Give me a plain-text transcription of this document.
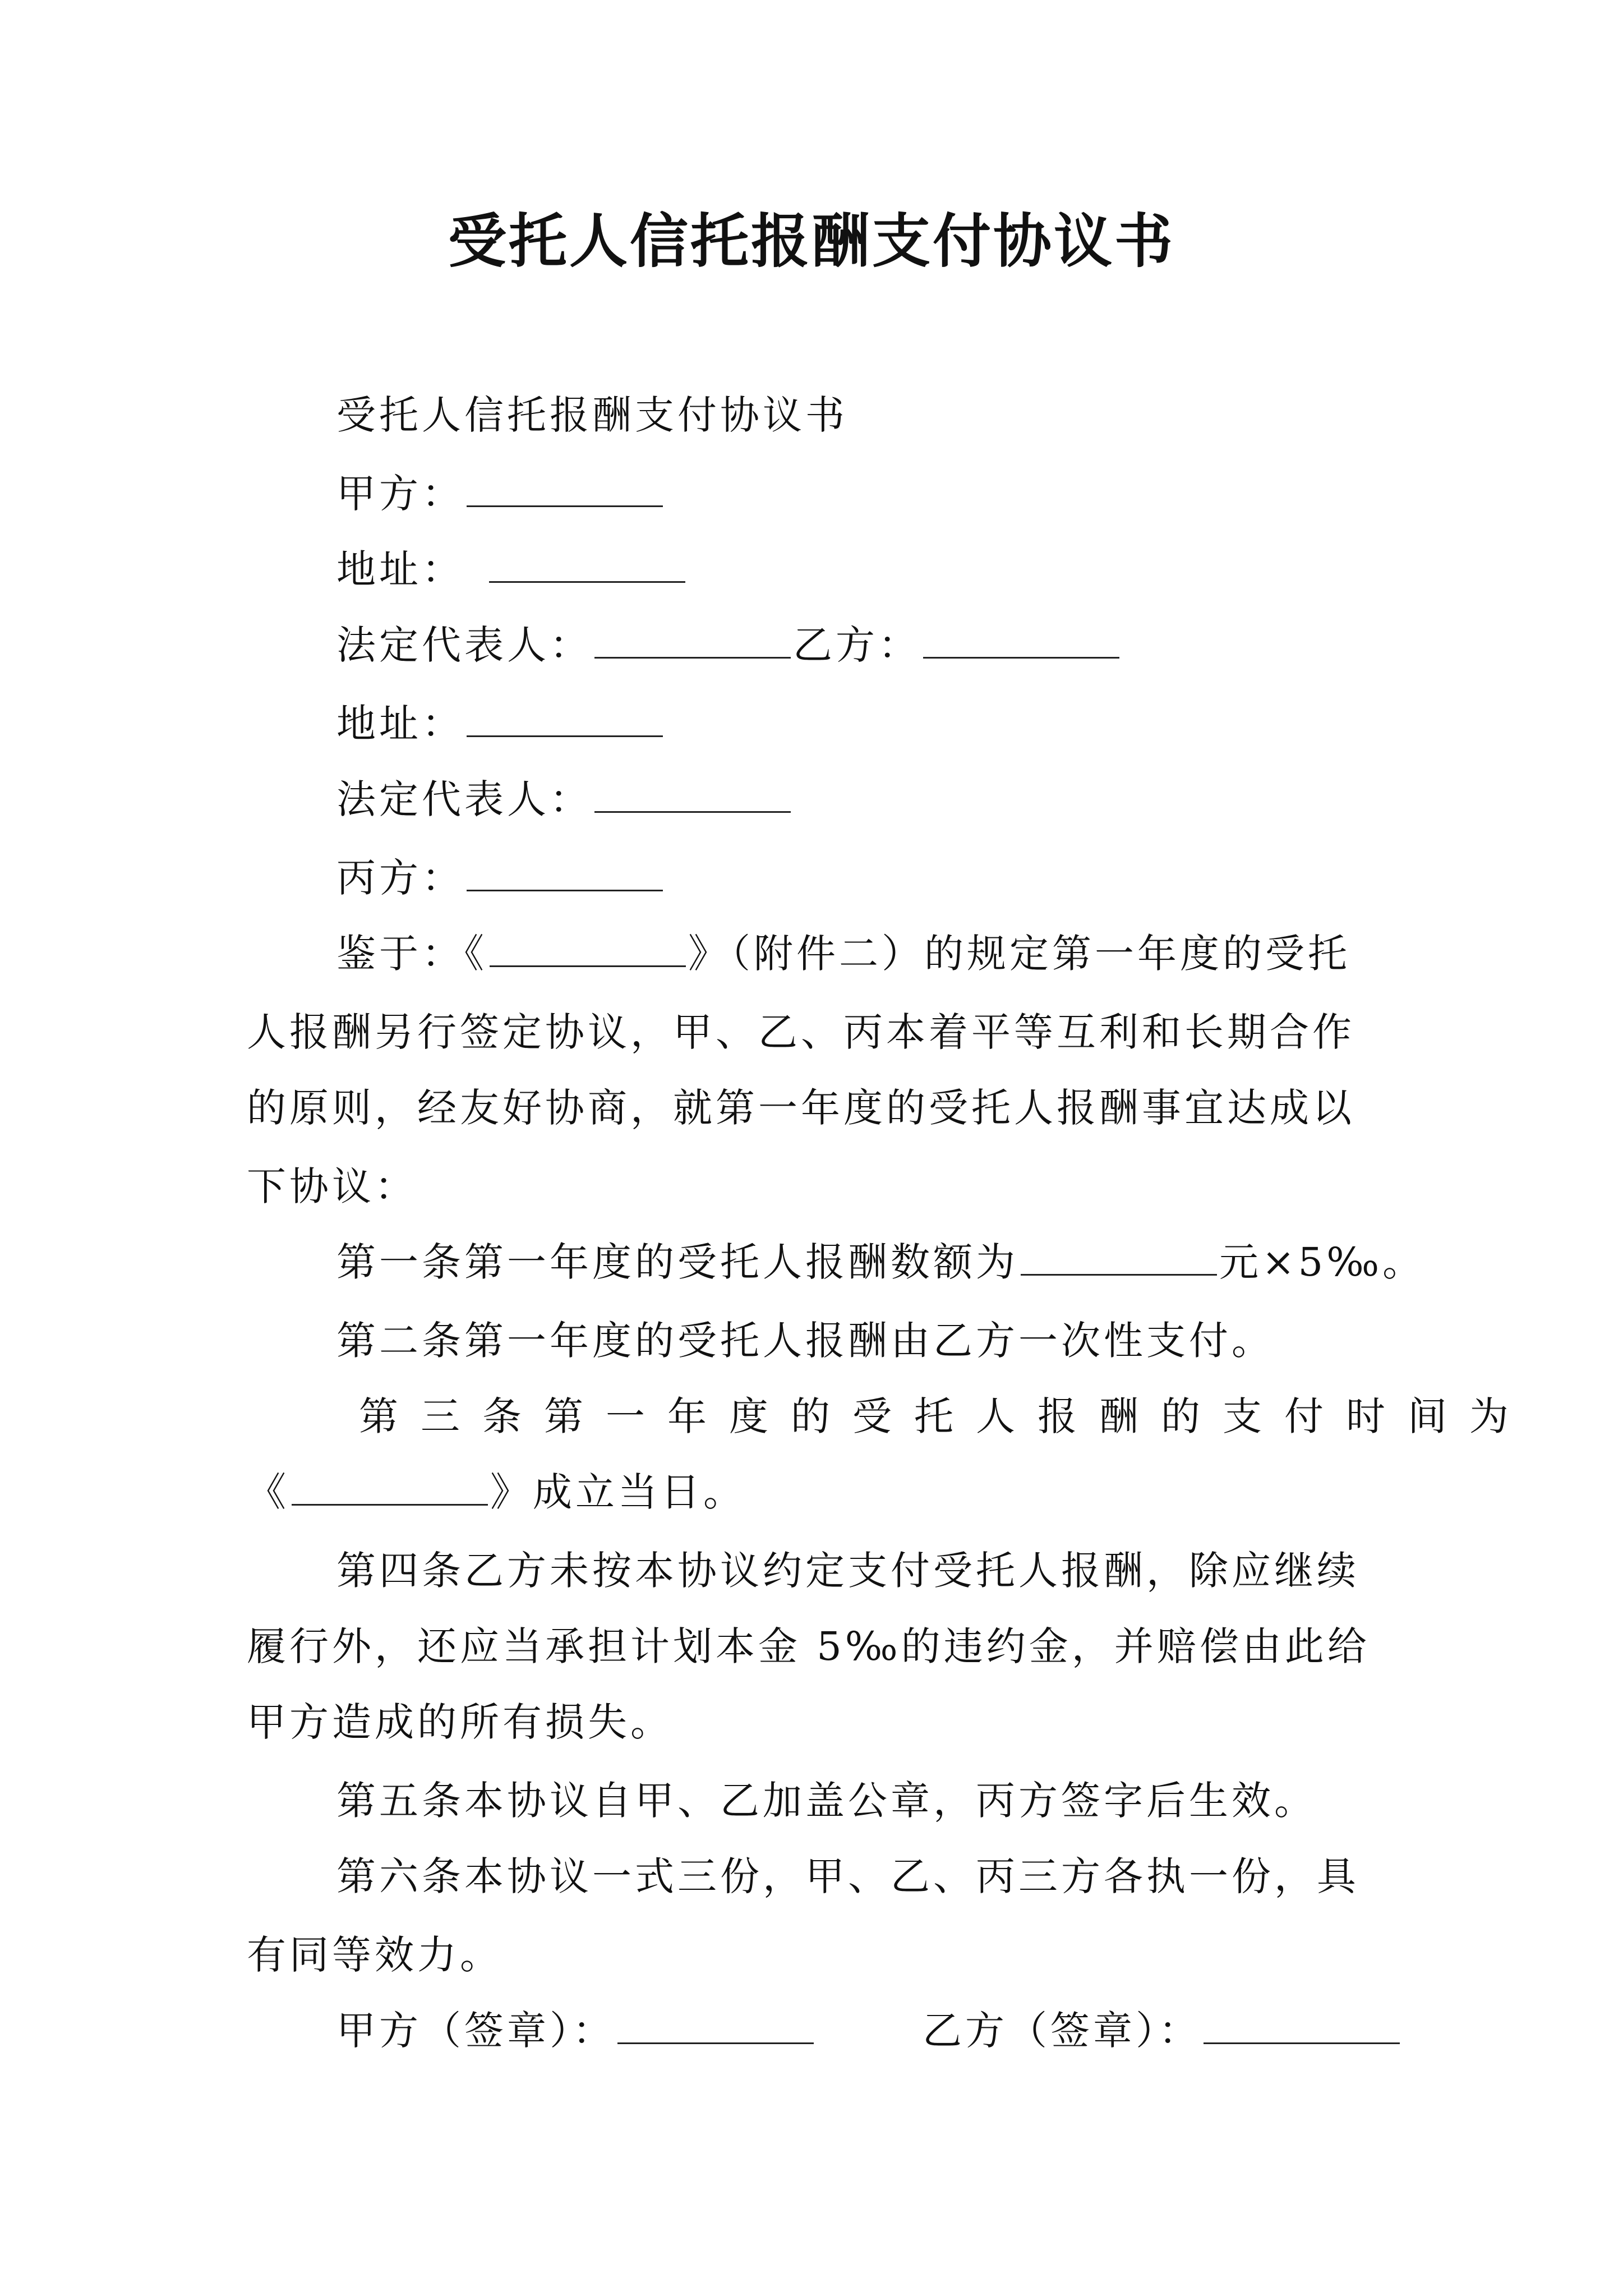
受托人信托报酬支付协议书
受托人信托报酬支付协议书
甲方：
地址：
法定代表人：	乙方：
地址：
法定代表人：
丙方：
鉴于：《	》（附件二）的规定第一年度的受托
人报酬另行签定协议，甲、乙、丙本着平等互利和长期合作
的原则，经友好协商，就第一年度的受托人报酬事宜达成以
下协议：
第一条第一年度的受托人报酬数额为	元×5‰。
第二条第一年度的受托人报酬由乙方一次性支付。
第三条第一年度的受托人报酬的支付时间为
《	》成立当日。
第四条乙方未按本协议约定支付受托人报酬，除应继续
履行外，还应当承担计划本金 5‰的违约金，并赔偿由此给
甲方造成的所有损失。
第五条本协议自甲、乙加盖公章，丙方签字后生效。
第六条本协议一式三份，甲、乙、丙三方各执一份，具
有同等效力。
甲方（签章）：	乙方（签章）：
